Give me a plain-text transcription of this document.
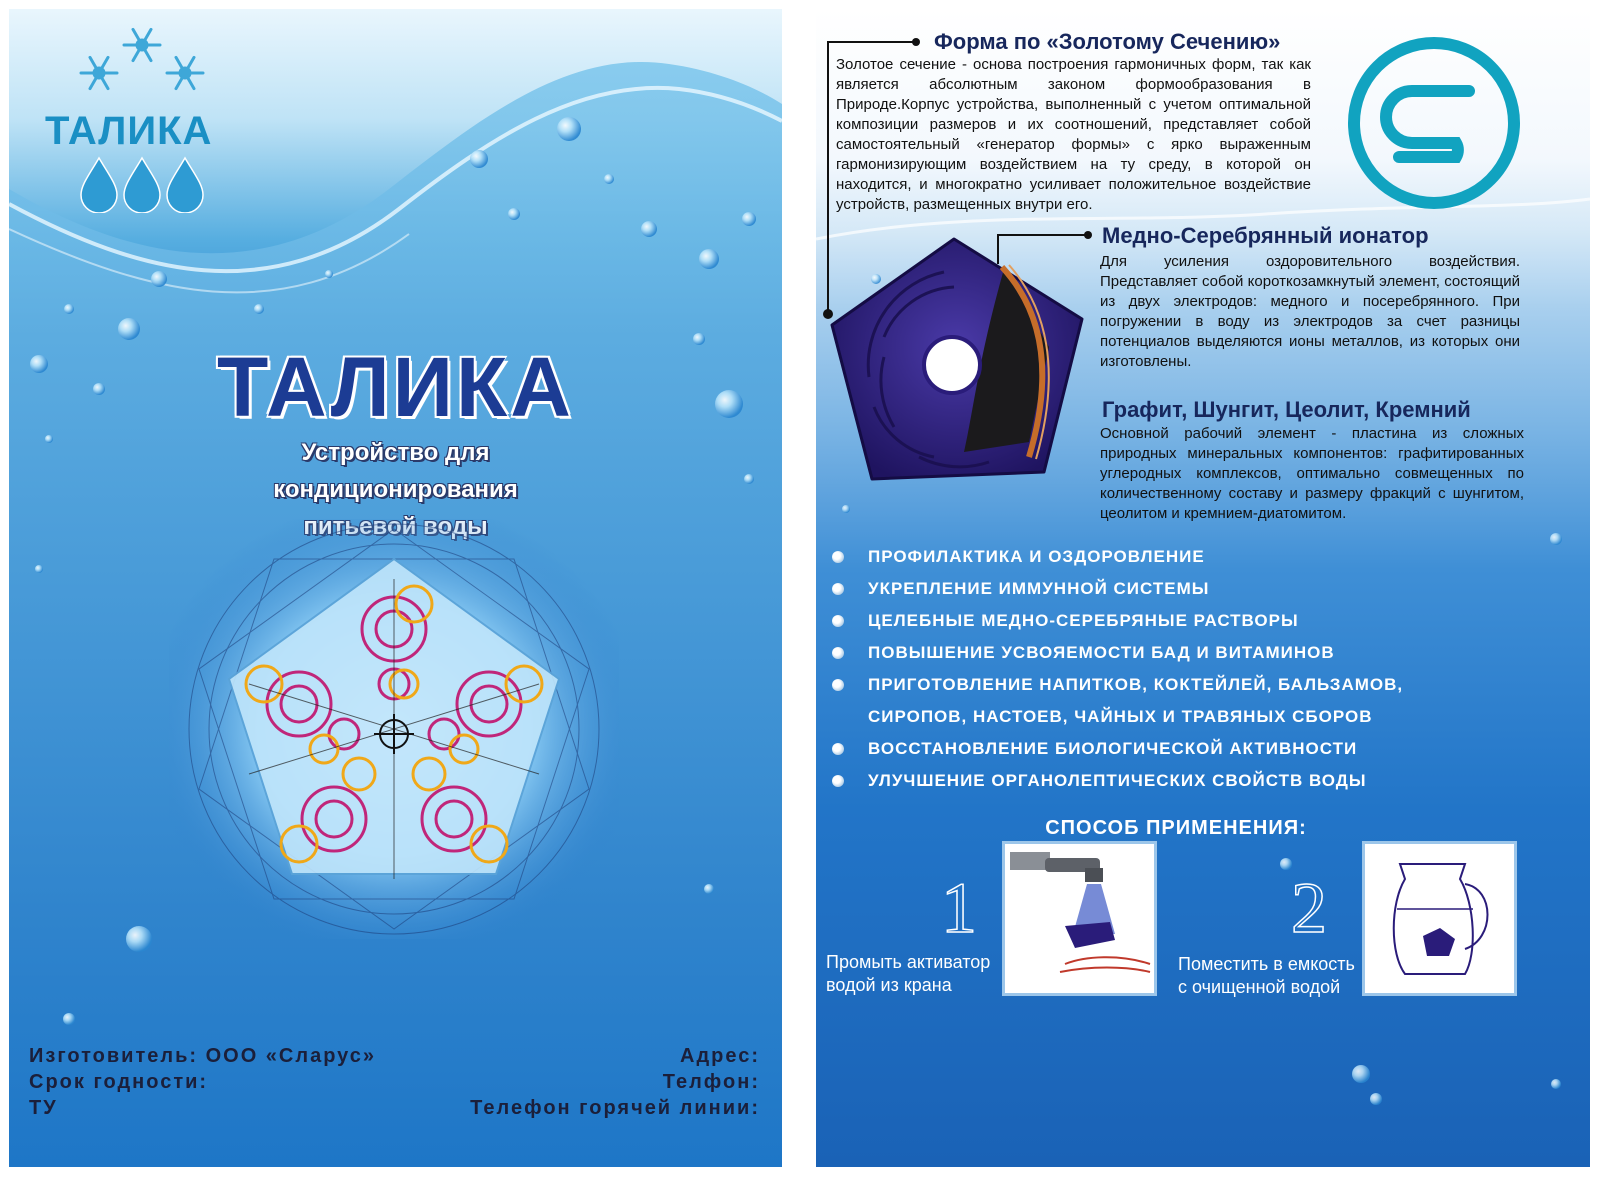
ТАЛИКА
ТАЛИКА
Устройство для
кондиционирования
Изготовитель: ООО «Сларус»
Срок годности:
ТУ
Адрес:
Телфон:
Телефон горячей линии:
Форма по «Золотому Сечению»
Золотое сечение - основа построения гармоничных форм, так как является абсолютным законом формообразования в Природе.Корпус устройства, выполненный с учетом оптимальной композиции размеров и их соотношений, представляет собой самостоятельный «генератор формы» с ярко выраженным гармонизирующим воздействием на ту среду, в которой он находится, и многократно усиливает положительное воздействие устройств, размещенных внутри его.
Медно-Серебрянный ионатор
Для усиления оздоровительного воздействия. Представляет собой короткозамкнутый элемент, состоящий из двух электродов: медного и посеребрянного. При погружении в воду из электродов за счет разницы потенциалов выделяются ионы металлов, из которых они изготовлены.
Графит, Шунгит, Цеолит, Кремний
Основной рабочий элемент - пластина из сложных природных минеральных компонентов: графитированных углеродных комплексов, оптимально совмещенных по количественному составу и размеру фракций с шунгитом, цеолитом и кремнием-диатомитом.
ПРОФИЛАКТИКА И ОЗДОРОВЛЕНИЕ
УКРЕПЛЕНИЕ ИММУННОЙ СИСТЕМЫ
ЦЕЛЕБНЫЕ МЕДНО-СЕРЕБРЯНЫЕ РАСТВОРЫ
ПОВЫШЕНИЕ УСВОЯЕМОСТИ БАД И ВИТАМИНОВ
ПРИГОТОВЛЕНИЕ НАПИТКОВ, КОКТЕЙЛЕЙ, БАЛЬЗАМОВ, СИРОПОВ, НАСТОЕВ, ЧАЙНЫХ И ТРАВЯНЫХ СБОРОВ
ВОССТАНОВЛЕНИЕ БИОЛОГИЧЕСКОЙ АКТИВНОСТИ
УЛУЧШЕНИЕ ОРГАНОЛЕПТИЧЕСКИХ СВОЙСТВ ВОДЫ
СПОСОБ ПРИМЕНЕНИЯ:
1
Промыть активатор
водой из крана
2
Поместить в емкость
с очищенной водой
